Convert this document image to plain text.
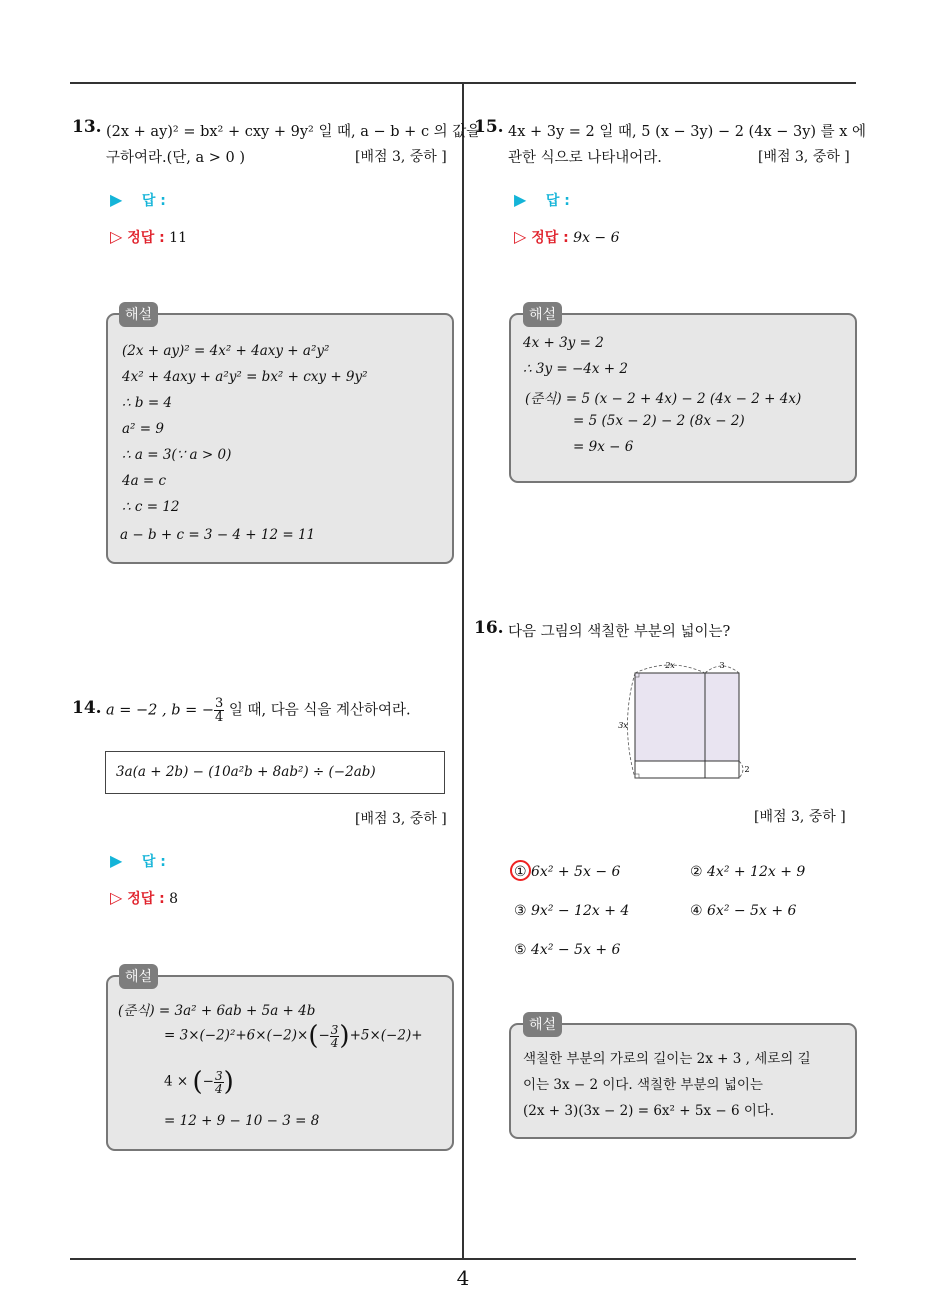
13. (2x + ay)² = bx² + cxy + 9y² 일 때, a − b + c 의 값을
구하여라.(단, a > 0 )	[배점 3, 중하 ]
▶ 답 :
▷ 정답 : 11
(2x + ay)² = 4x² + 4axy + a²y²
4x² + 4axy + a²y² = bx² + cxy + 9y²
∴ b = 4
a² = 9
∴ a = 3(∵ a > 0)
4a = c
∴ c = 12
a − b + c = 3 − 4 + 12 = 11
해설
14. a = −2 , b = − $\frac{3}{4}$ 일 때, 다음 식을 계산하여라.
3a(a + 2b) − (10a²b + 8ab²) ÷ (−2ab)
[배점 3, 중하 ]
▶ 답 :
▷ 정답 : 8
(준식) = 3a² + 6ab + 5a + 4b
= $3\times(-2)^2+6\times(-2)\times(- \frac{3}{4} )+5\times(-2)+$
4 × (− $\frac{3}{4}$ )
= 12 + 9 − 10 − 3 = 8
해설
15. 4x + 3y = 2 일 때, 5 (x − 3y) − 2 (4x − 3y) 를 x 에
관한 식으로 나타내어라.	[배점 3, 중하 ]
▶ 답 :
▷ 정답 : 9x − 6
4x + 3y = 2
∴ 3y = −4x + 2
(준식) = 5 (x − 2 + 4x) − 2 (4x − 2 + 4x)
= 5 (5x − 2) − 2 (8x − 2)
= 9x − 6
해설
16. 다음 그림의 색칠한 부분의 넓이는?
2x	3
3x
2
[배점 3, 중하 ]
① 6x² + 5x − 6	② 4x² + 12x + 9
③ 9x² − 12x + 4	④ 6x² − 5x + 6
⑤ 4x² − 5x + 6
색칠한 부분의 가로의 길이는 2x + 3 , 세로의 길
이는 3x − 2 이다. 색칠한 부분의 넓이는
(2x + 3)(3x − 2) = 6x² + 5x − 6 이다.
해설
4
